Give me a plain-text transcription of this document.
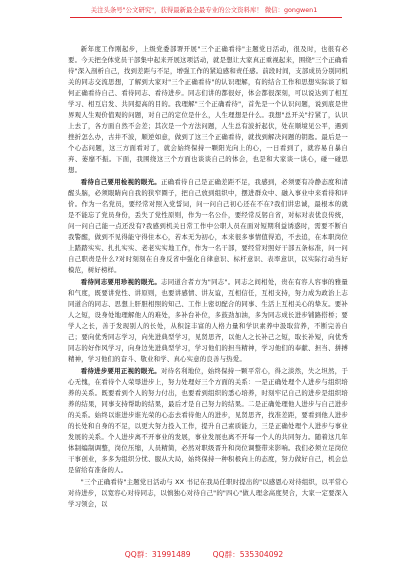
关注头条号"公文研究"，获得最新最全最专业的公文资料库！ 微信：gongwen1

新年度工作刚起步，上级党委部署开展"三个正确看待"主题党日活动，很及时，也很有必要。今天把全体党员干部集中起来开展这项活动，就是想让大家真正重视起来，围绕"三个正确看待"深入剖析自己，找到差距与不足，增强工作的紧迫感和责任感。前段时间，支部成员分别同机关的同志交流思想，了解到大家对"三个正确看待"的认识理解，有的结合工作和思想实际谈了如何正确看待自己、看待同志、看待进步。同志们讲的都很好，体会都很深刻，可以说达到了相互学习、相互启发、共同提高的目的。我理解"三个正确看待"，首先是一个认识问题，说到底是世界观人生观价值观的问题，对自己的定位是什么，人生理想是什么。我想"总开关"拧紧了，认识上去了，各方面自然不会差；其次是一个方法问题，人生总有波折起伏，处在顺境见公平，遇到挫折怎么办，古井不波，顺逆如意，做到了这三个正确看待，就找到解决问题的钥匙。最后是一个心态问题，这三方面看对了，就会始终保持一颗阳光向上的心，一日看到了，就容易自暴自弃、萎靡不振。下面，我围绕这三个方面也谈谈自己的体会，也是和大家谈一谈心，碰一碰思想。

看待自己要用检视的眼光。正确看待自己是正确差距不足，我感到，必须要有冷静态度和清醒头脑，必须眼睛向自我的狭窄圈子，把自己放到组织中，摆进群众中、融入事业中来看待和评价。作为一名党员，要经常对照入党誓词，问一问自己初心还在不在?我们讲忠诚，最根本的就是不能忘了党员身份，丢失了党性原则，作为一名公仆，要经常反躬自省，对标对表优良传统，问一问自己能一点还没有?我感到机关日常工作中公职人员在面对短期利益诱惑时，需要不断自我警醒，做到不见得能守得住本心，若本无为初心，本来很多事情值得追，不去追，在本职岗位上踏踏实实、扎扎实实、老老实实地工作，作为一名干部，要经常对照好干部五条标准，问一问自己职责是什么?对时刻刻在自身反省中强化自律意识、标杆意识、表率意识，以实际行动当好模范，树好榜样。

看待同志要用珍视的眼光。志同道合者方为"同志"。同志之间相处，贵在有容人容事的雅量和气度，既要讲党性、讲原则，也要讲感情、讲友谊，互相信任，互相支持，努力成为政治上志同道合的同志、思想上肝胆相照的知己、工作上密切配合的同事、生活上互相关心的挚友。要补人之短，设身处地理解他人的难处，多补台补位，多鼓劲加油，多为同志成长进步铺路搭桥；要学人之长，善于发现别人的长处，从积淀丰富的人格力量和学识素养中汲取营养，不断完善自己；要向优秀同志学习，向先进典型学习，见贤思齐，以他人之长补己之短，取长补短，向优秀同志的好作风学习，向身边先进典型学习，学习他们的担当精神，学习他们的奉献、担当、拼搏精神，学习他们的奋斗、敬业和学、真心实意的良善与热爱。

看待进步要用正视的眼光。对待名利地位，始终保持一颗平常心，得之淡然，失之坦然，于心无愧，在看待个人荣辱进步上，努力处理好三个方面的关系：一是正确处理个人进步与组织培养的关系。既要看到个人的努力付出，也要看到组织的悉心培养，时刻牢记自己的进步是组织培养的结果，同事支持帮助的结果，最后才是自己努力的结果。二是正确处理他人进步与自己进步的关系。始终以谁进步谁光荣的心态去看待他人的进步，见贤思齐，找准差距，要看到他人进步的长处和自身的不足，以更大努力投入工作，提升自己素质能力，三是正确处理个人进步与事业发展的关系。个人进步离不开事业的发展，事业发展也离不开每一个人的共同努力。随着这几年体制编制调整，岗位压缩，人员精简，必然对职级晋升和岗位调整带来影响。我们必须立足岗位干事创业，多多为组织分忧、服从大局，始终保持一种积极向上的态度，努力做好自己，机会总是留给有准备的人。

"三个正确看待"主题党日活动与 XX 书记在我局任职时提出的"以感恩心对待组织，以平常心对待进步，以宽容心对待同志，以慎独心对待自己"的"四心"做人理念高度契合，大家一定要深入学习领会，以

QQ群：31991489	QQ群：535304092
